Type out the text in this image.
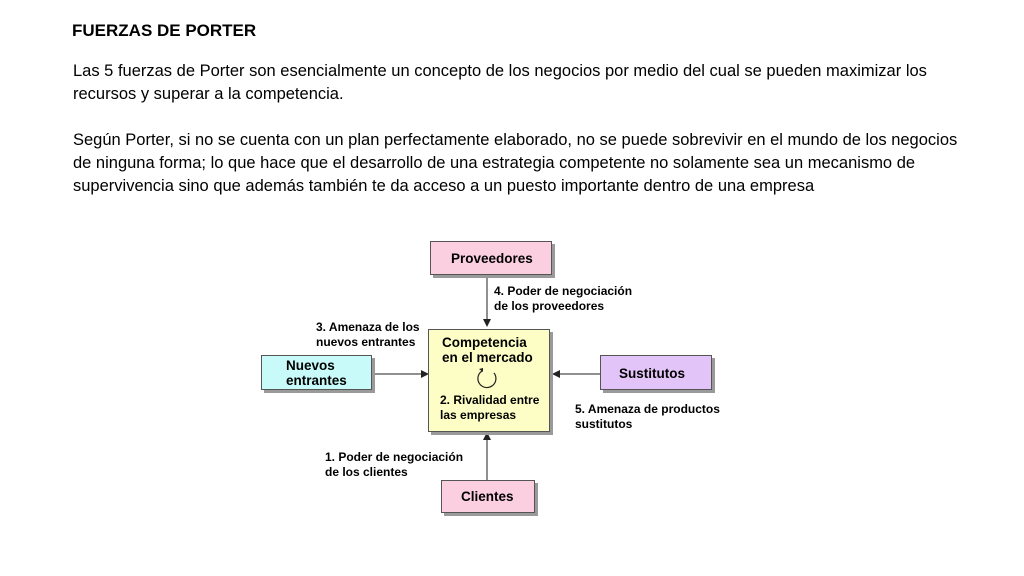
FUERZAS DE PORTER
Las 5 fuerzas de Porter son esencialmente un concepto de los negocios por medio del cual se pueden maximizar los recursos y superar a la competencia.
Según Porter, si no se cuenta con un plan perfectamente elaborado, no se puede sobrevivir en el mundo de los negocios de ninguna forma; lo que hace que el desarrollo de una estrategia competente no solamente sea un mecanismo de supervivencia sino que además también te da acceso a un puesto importante dentro de una empresa
Proveedores
Nuevos
entrantes
Competencia
en el mercado
2. Rivalidad entre
las empresas
Sustitutos
Clientes
4. Poder de negociación
de los proveedores
3. Amenaza de los
nuevos entrantes
5. Amenaza de productos
sustitutos
1. Poder de negociación
de los clientes
